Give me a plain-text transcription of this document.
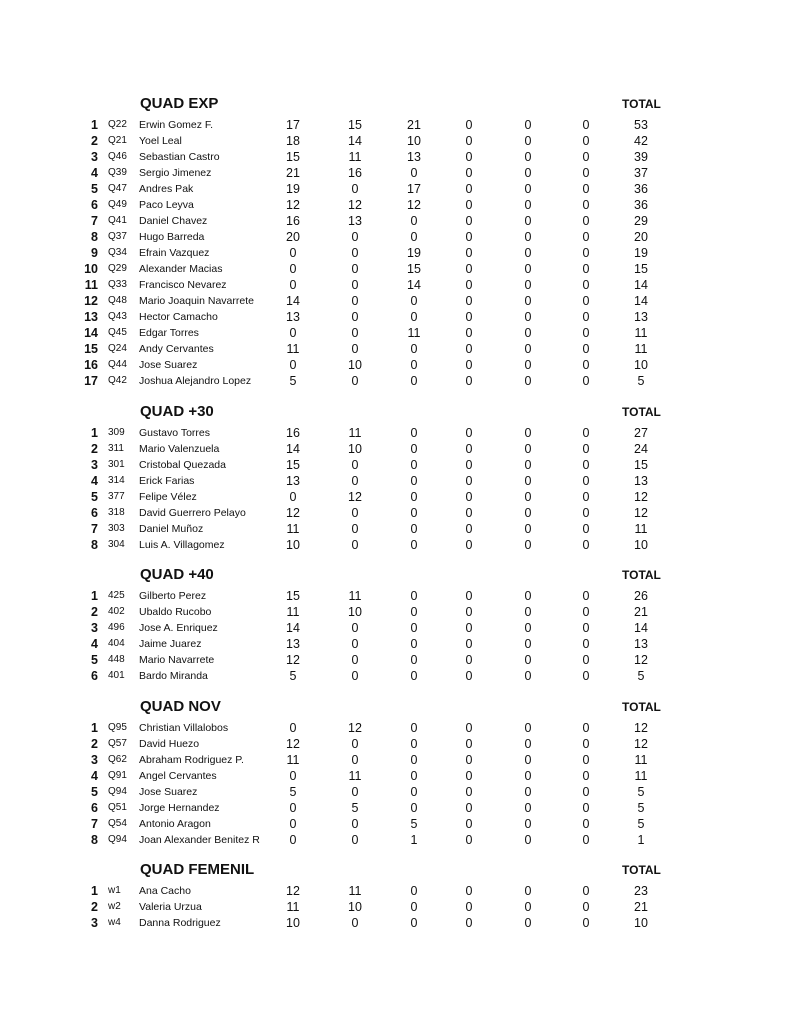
QUAD EXP	TOTAL
1 Q22 Erwin Gomez F.	17	15	21	0	0	0	53
2 Q21 Yoel Leal	18	14	10	0	0	0	42
3 Q46 Sebastian Castro	15	11	13	0	0	0	39
4 Q39 Sergio Jimenez	21	16	0	0	0	0	37
5 Q47 Andres Pak	19	0	17	0	0	0	36
6 Q49 Paco Leyva	12	12	12	0	0	0	36
7 Q41 Daniel Chavez	16	13	0	0	0	0	29
8 Q37 Hugo Barreda	20	0	0	0	0	0	20
9 Q34 Efrain Vazquez	0	0	19	0	0	0	19
10 Q29 Alexander Macias	0	0	15	0	0	0	15
11 Q33 Francisco Nevarez	0	0	14	0	0	0	14
12 Q48 Mario Joaquin Navarrete	14	0	0	0	0	0	14
13 Q43 Hector Camacho	13	0	0	0	0	0	13
14 Q45 Edgar Torres	0	0	11	0	0	0	11
15 Q24 Andy Cervantes	11	0	0	0	0	0	11
16 Q44 Jose Suarez	0	10	0	0	0	0	10
17 Q42 Joshua Alejandro Lopez	5	0	0	0	0	0	5
QUAD +30	TOTAL
1 309 Gustavo Torres	16	11	0	0	0	0	27
2 311 Mario Valenzuela	14	10	0	0	0	0	24
3 301 Cristobal Quezada	15	0	0	0	0	0	15
4 314 Erick Farias	13	0	0	0	0	0	13
5 377 Felipe Vélez	0	12	0	0	0	0	12
6 318 David Guerrero Pelayo	12	0	0	0	0	0	12
7 303 Daniel Muñoz	11	0	0	0	0	0	11
8 304 Luis A. Villagomez	10	0	0	0	0	0	10
QUAD +40	TOTAL
1 425 Gilberto Perez	15	11	0	0	0	0	26
2 402 Ubaldo Rucobo	11	10	0	0	0	0	21
3 496 Jose A. Enriquez	14	0	0	0	0	0	14
4 404 Jaime Juarez	13	0	0	0	0	0	13
5 448 Mario Navarrete	12	0	0	0	0	0	12
6 401 Bardo Miranda	5	0	0	0	0	0	5
QUAD NOV	TOTAL
1 Q95 Christian Villalobos	0	12	0	0	0	0	12
2 Q57 David Huezo	12	0	0	0	0	0	12
3 Q62 Abraham Rodriguez P.	11	0	0	0	0	0	11
4 Q91 Angel Cervantes	0	11	0	0	0	0	11
5 Q94 Jose Suarez	5	0	0	0	0	0	5
6 Q51 Jorge Hernandez	0	5	0	0	0	0	5
7 Q54 Antonio Aragon	0	0	5	0	0	0	5
8 Q94 Joan Alexander Benitez R	0	0	1	0	0	0	1
QUAD FEMENIL	TOTAL
1 w1 Ana Cacho	12	11	0	0	0	0	23
2 w2 Valeria Urzua	11	10	0	0	0	0	21
3 w4 Danna Rodriguez	10	0	0	0	0	0	10
